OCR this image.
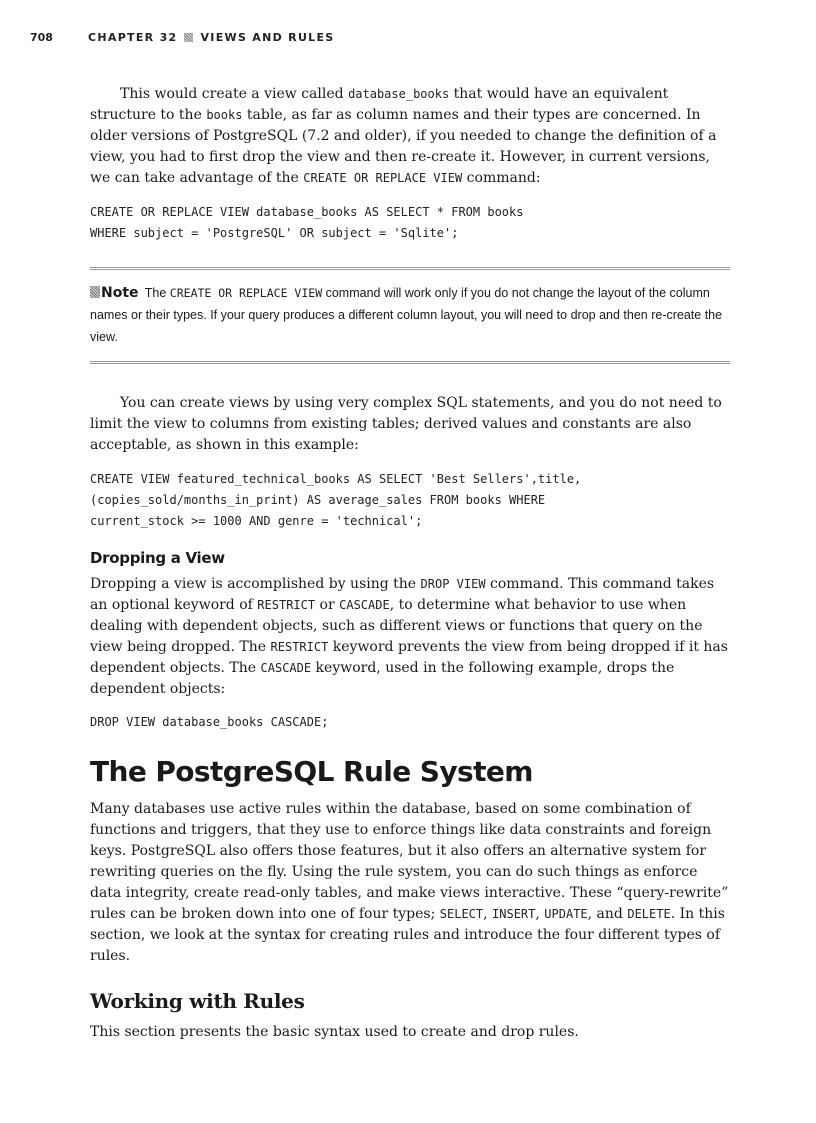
708	CHAPTER 32 VIEWS AND RULES

This would create a view called database_books that would have an equivalent structure to the books table, as far as column names and their types are concerned. In older versions of PostgreSQL (7.2 and older), if you needed to change the definition of a view, you had to first drop the view and then re-create it. However, in current versions, we can take advantage of the CREATE OR REPLACE VIEW command:

CREATE OR REPLACE VIEW database_books AS SELECT * FROM books
WHERE subject = 'PostgreSQL' OR subject = 'Sqlite';

Note The CREATE OR REPLACE VIEW command will work only if you do not change the layout of the column names or their types. If your query produces a different column layout, you will need to drop and then re-create the view.

You can create views by using very complex SQL statements, and you do not need to limit the view to columns from existing tables; derived values and constants are also acceptable, as shown in this example:

CREATE VIEW featured_technical_books AS SELECT 'Best Sellers',title,
(copies_sold/months_in_print) AS average_sales FROM books WHERE
current_stock >= 1000 AND genre = 'technical';
Dropping a View

Dropping a view is accomplished by using the DROP VIEW command. This command takes an optional keyword of RESTRICT or CASCADE, to determine what behavior to use when dealing with dependent objects, such as different views or functions that query on the view being dropped. The RESTRICT keyword prevents the view from being dropped if it has dependent objects. The CASCADE keyword, used in the following example, drops the dependent objects:

DROP VIEW database_books CASCADE;
The PostgreSQL Rule System

Many databases use active rules within the database, based on some combination of functions and triggers, that they use to enforce things like data constraints and foreign keys. PostgreSQL also offers those features, but it also offers an alternative system for rewriting queries on the fly. Using the rule system, you can do such things as enforce data integrity, create read-only tables, and make views interactive. These “query-rewrite” rules can be broken down into one of four types; SELECT, INSERT, UPDATE, and DELETE. In this section, we look at the syntax for creating rules and introduce the four different types of rules.

Working with Rules

This section presents the basic syntax used to create and drop rules.
